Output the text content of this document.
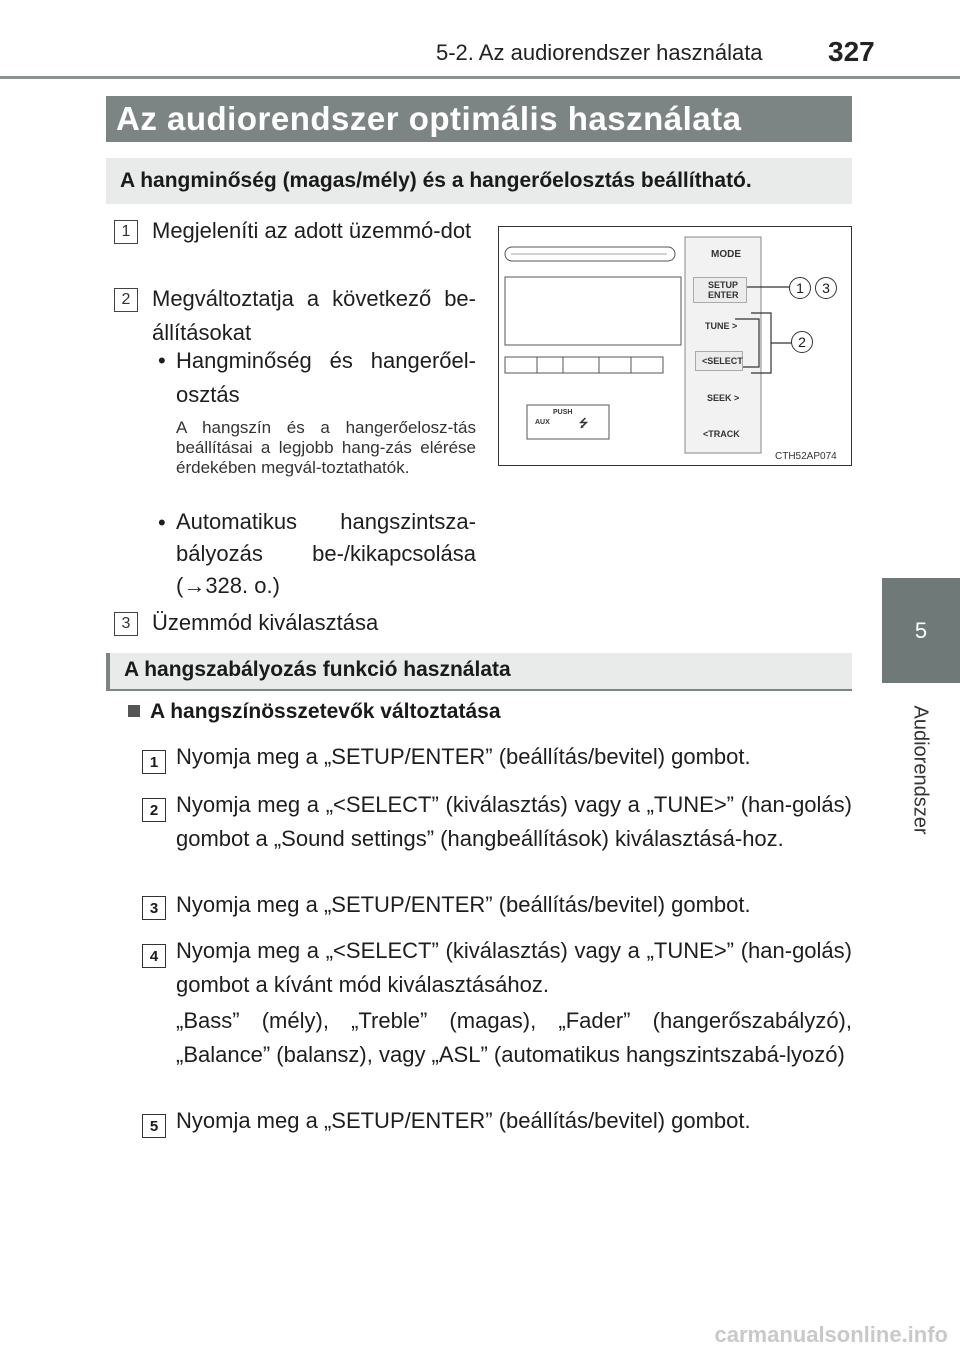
5-2. Az audiorendszer használata 327
5
Audiorendszer
Az audiorendszer optimális használata
A hangminőség (magas/mély) és a hangerőelosztás beállítható.
1 Megjeleníti az adott üzemmó-dot
2 Megváltoztatja a következő be-állításokat
• Hangminőség és hangerőel-osztás
A hangszín és a hangerőelosz-tás beállításai a legjobb hang-zás elérése érdekében megvál-toztathatók.
• Automatikus hangszintsza-
bályozás be-/kikapcsolása
(→328. o.)
3 Üzemmód kiválasztása
MODE
SETUP
ENTER
TUNE >
<SELECT
SEEK >
<TRACK
PUSH
AUX	⭍
1	3
2
CTH52AP074
A hangszabályozás funkció használata
A hangszínösszetevők változtatása
1 Nyomja meg a „SETUP/ENTER” (beállítás/bevitel) gombot.
2 Nyomja meg a „<SELECT” (kiválasztás) vagy a „TUNE>” (han-golás) gombot a „Sound settings” (hangbeállítások) kiválasztásá-hoz.
3 Nyomja meg a „SETUP/ENTER” (beállítás/bevitel) gombot.
4 Nyomja meg a „<SELECT” (kiválasztás) vagy a „TUNE>” (han-golás) gombot a kívánt mód kiválasztásához.
„Bass” (mély), „Treble” (magas), „Fader” (hangerőszabályzó), „Balance” (balansz), vagy „ASL” (automatikus hangszintszabá-lyozó)
5 Nyomja meg a „SETUP/ENTER” (beállítás/bevitel) gombot.
carmanualsonline.info
